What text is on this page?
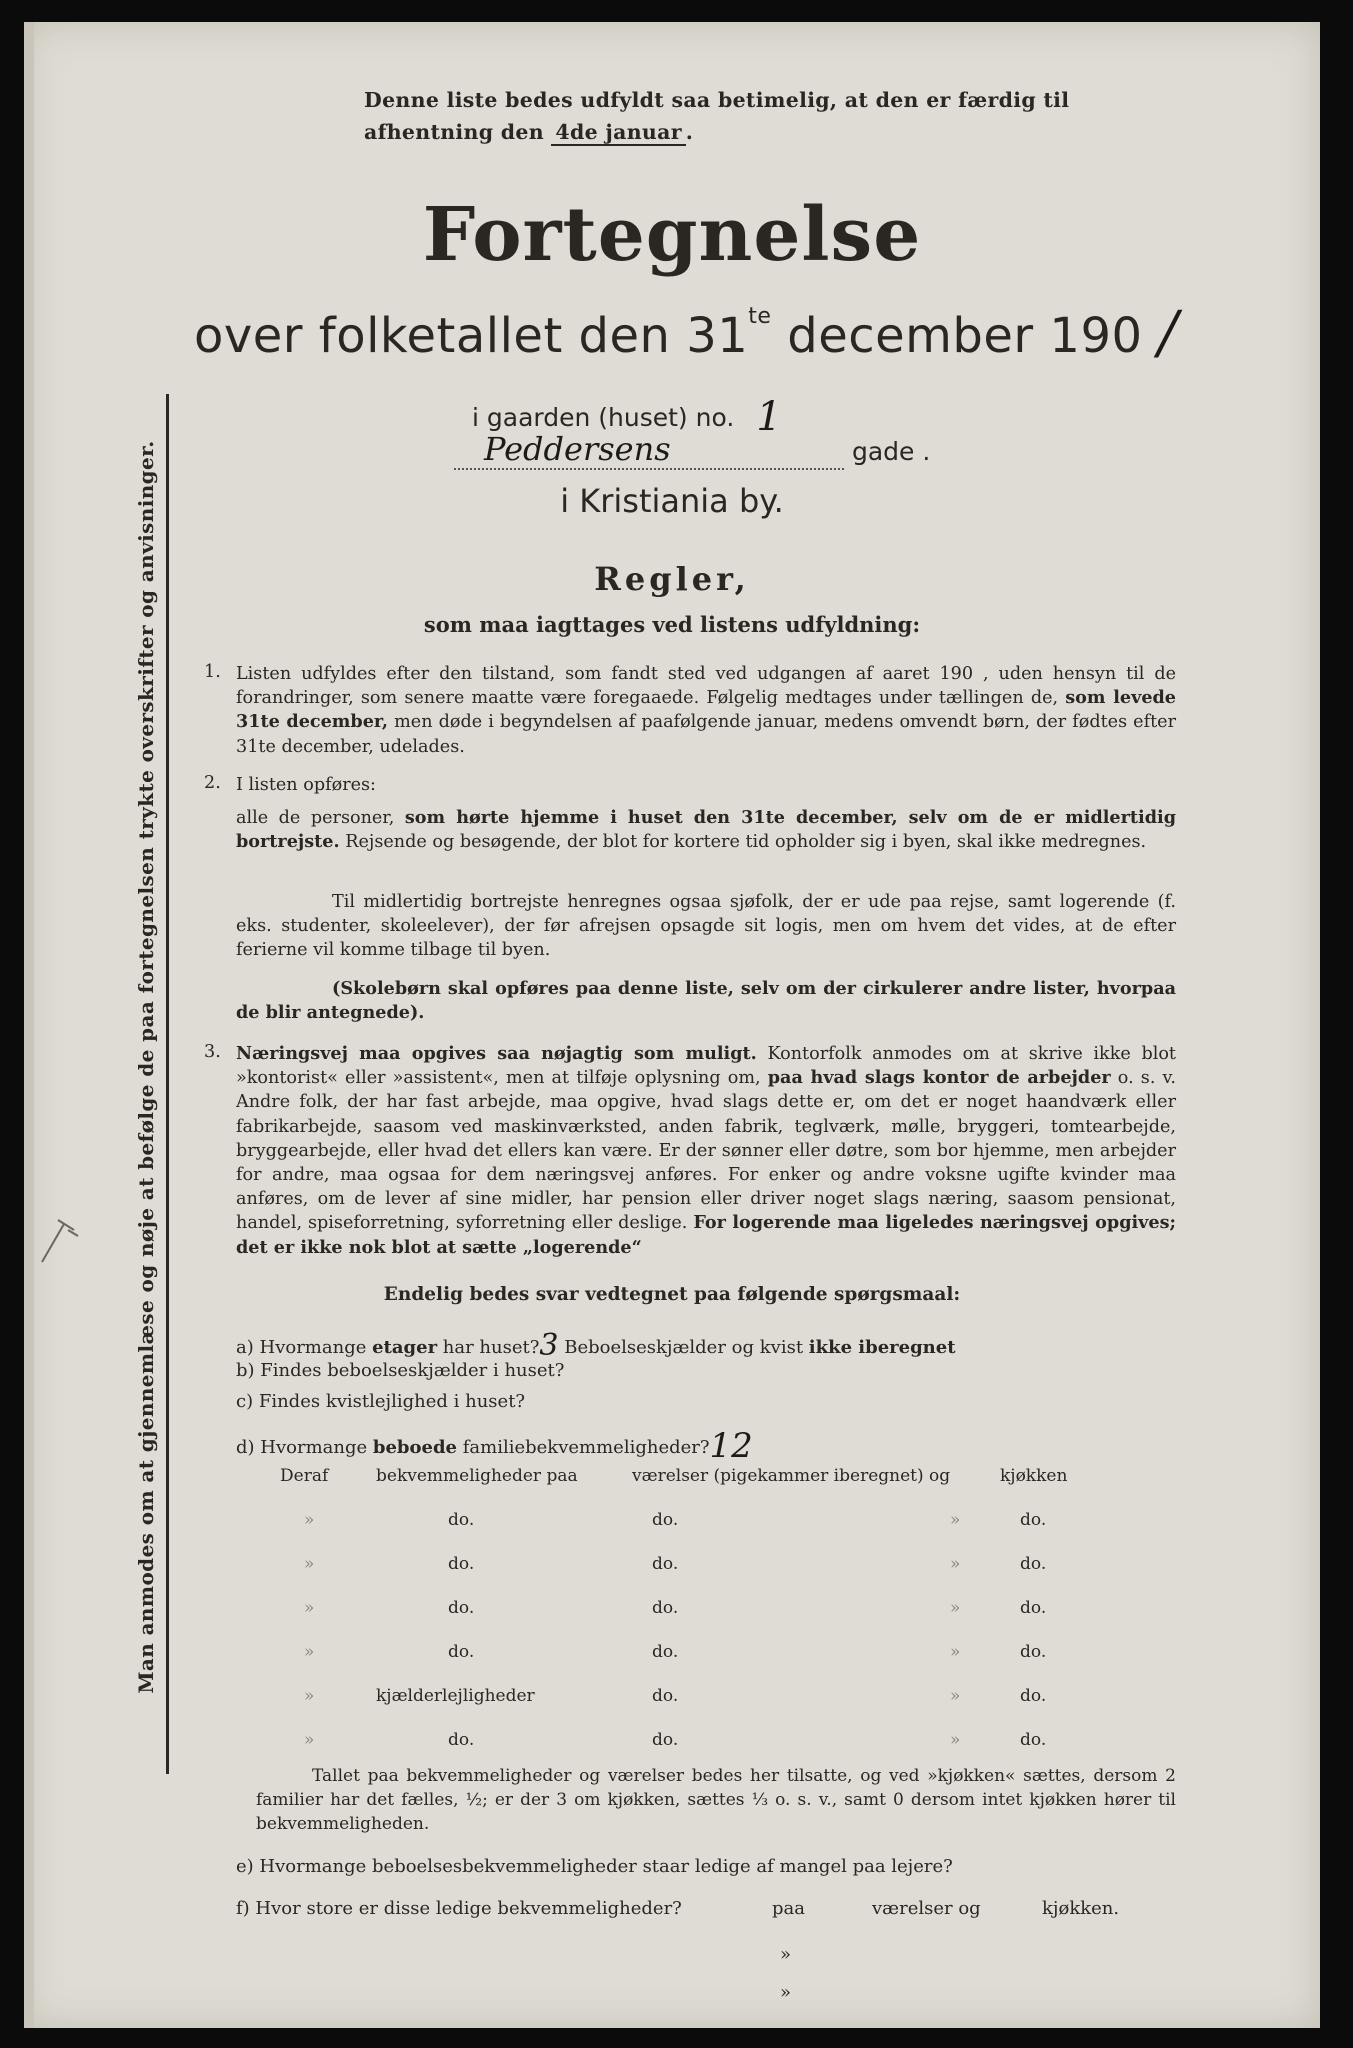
Denne liste bedes udfyldt saa betimelig, at den er færdig til
afhentning den 4de januar .
Fortegnelse
over folketallet den $31^{te}$ december 190 /
i gaarden (huset) no. 1
Peddersens	gade .
i Kristiania by.
Regler,
som maa iagttages ved listens udfyldning:
1. Listen udfyldes efter den tilstand, som fandt sted ved udgangen af aaret 190 , uden hensyn til de forandringer, som senere maatte være foregaaede. Følgelig medtages under tællingen de, som levede 31te december, men døde i begyndelsen af paafølgende januar, medens omvendt børn, der fødtes efter 31te december, udelades.
2. I listen opføres:
alle de personer, som hørte hjemme i huset den 31te december, selv om de er midlertidig bortrejste. Rejsende og besøgende, der blot for kortere tid opholder sig i byen, skal ikke medregnes.
Til midlertidig bortrejste henregnes ogsaa sjøfolk, der er ude paa rejse, samt logerende (f. eks. studenter, skoleelever), der før afrejsen opsagde sit logis, men om hvem det vides, at de efter ferierne vil komme tilbage til byen.
(Skolebørn skal opføres paa denne liste, selv om der cirkulerer andre lister, hvorpaa de blir antegnede).
3. Næringsvej maa opgives saa nøjagtig som muligt. Kontorfolk anmodes om at skrive ikke blot »kontorist« eller »assistent«, men at tilføje oplysning om, paa hvad slags kontor de arbejder o. s. v. Andre folk, der har fast arbejde, maa opgive, hvad slags dette er, om det er noget haandværk eller fabrikarbejde, saasom ved maskinværksted, anden fabrik, teglværk, mølle, bryggeri, tomtearbejde, bryggearbejde, eller hvad det ellers kan være. Er der sønner eller døtre, som bor hjemme, men arbejder for andre, maa ogsaa for dem næringsvej anføres. For enker og andre voksne ugifte kvinder maa anføres, om de lever af sine midler, har pension eller driver noget slags næring, saasom pensionat, handel, spiseforretning, syforretning eller deslige. For logerende maa ligeledes næringsvej opgives; det er ikke nok blot at sætte „logerende“
Endelig bedes svar vedtegnet paa følgende spørgsmaal:
a) Hvormange etager har huset?3 Beboelseskjælder og kvist ikke iberegnet
b) Findes beboelseskjælder i huset?
c) Findes kvistlejlighed i huset?
d) Hvormange beboede familiebekvemmeligheder?12
Deraf	bekvemmeligheder paa	værelser (pigekammer iberegnet) og	kjøkken
»	do.	do.	»	do.
»	do.	do.	»	do.
»	do.	do.	»	do.
»	do.	do.	»	do.
»	kjælderlejligheder	do.	»	do.
»	do.	do.	»	do.
Tallet paa bekvemmeligheder og værelser bedes her tilsatte, og ved »kjøkken« sættes, dersom 2 familier har det fælles, ½; er der 3 om kjøkken, sættes ⅓ o. s. v., samt 0 dersom intet kjøkken hører til bekvemmeligheden.
e) Hvormange beboelsesbekvemmeligheder staar ledige af mangel paa lejere?
f) Hvor store er disse ledige bekvemmeligheder?	paa	værelser og	kjøkken.
»
»
Man anmodes om at gjennemlæse og nøje at befølge de paa fortegnelsen trykte overskrifter og anvisninger.
